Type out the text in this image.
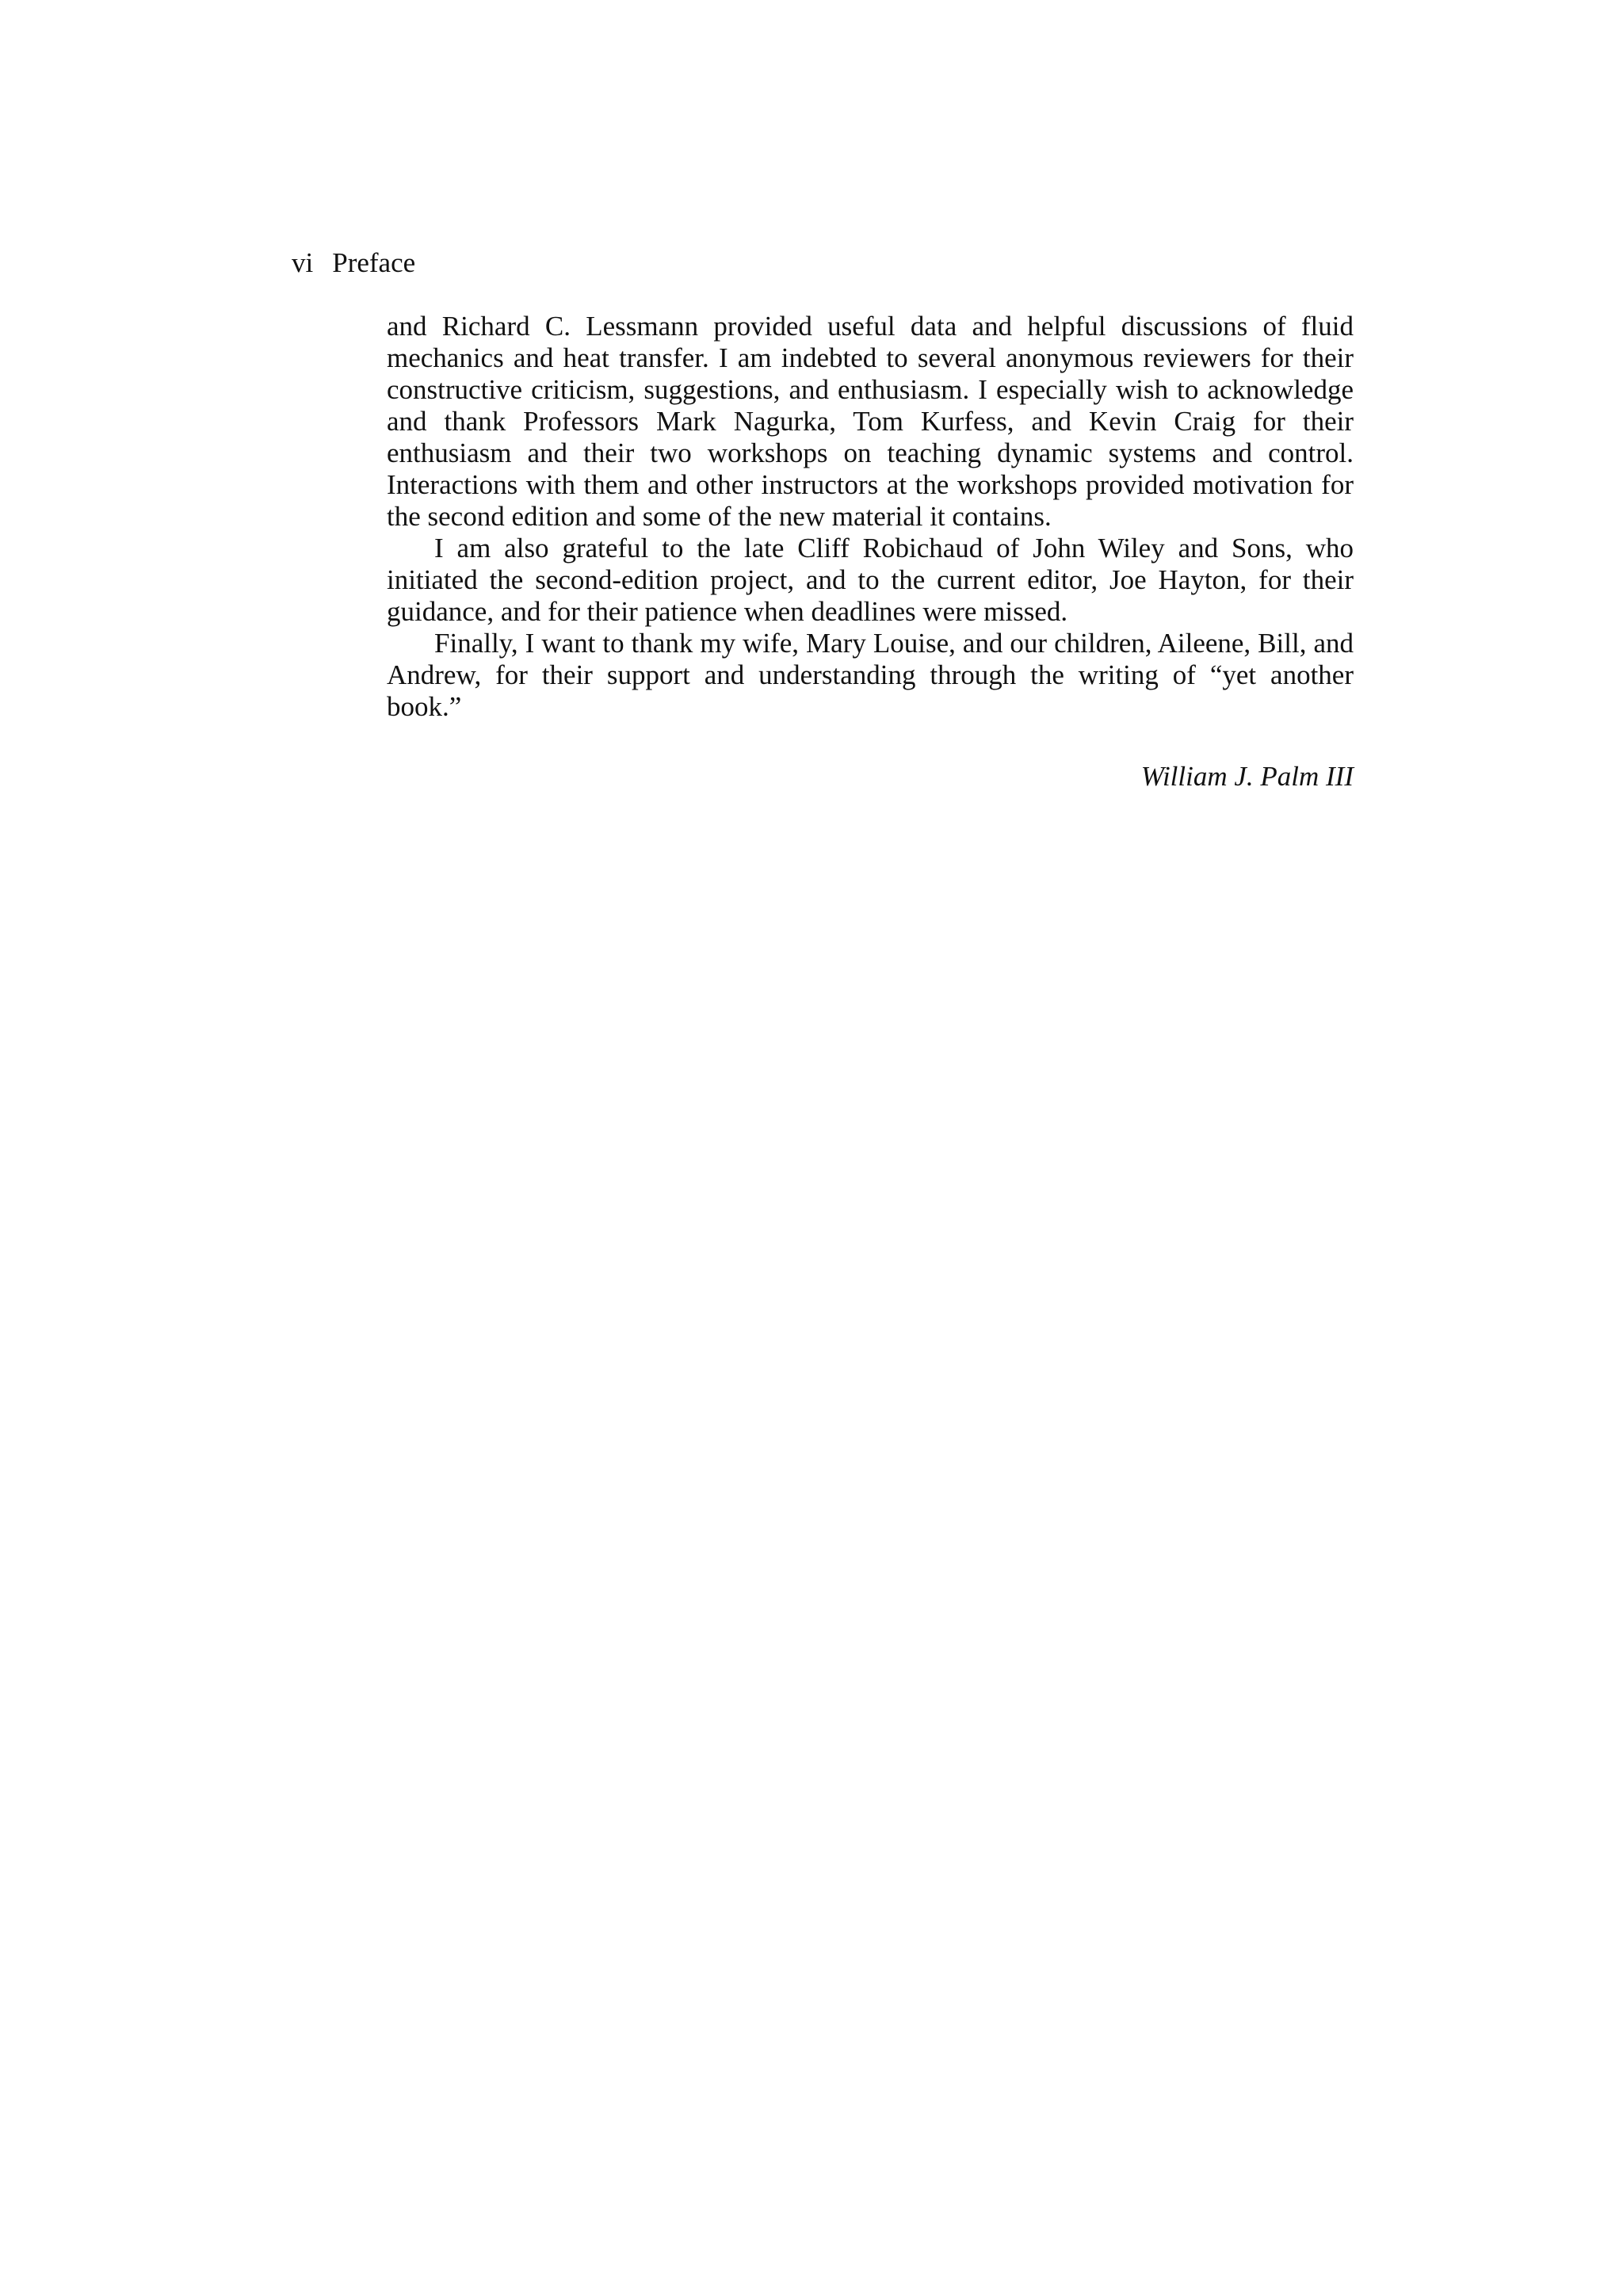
vi Preface

and Richard C. Lessmann provided useful data and helpful discussions of fluid mechanics and heat transfer. I am indebted to several anonymous reviewers for their constructive criticism, suggestions, and enthusiasm. I especially wish to acknowledge and thank Professors Mark Nagurka, Tom Kurfess, and Kevin Craig for their enthusiasm and their two workshops on teaching dynamic systems and control. Interactions with them and other instructors at the workshops provided motivation for the second edition and some of the new material it contains.

I am also grateful to the late Cliff Robichaud of John Wiley and Sons, who initiated the second-edition project, and to the current editor, Joe Hayton, for their guidance, and for their patience when deadlines were missed.

Finally, I want to thank my wife, Mary Louise, and our children, Aileene, Bill, and Andrew, for their support and understanding through the writing of “yet another book.”

William J. Palm III
